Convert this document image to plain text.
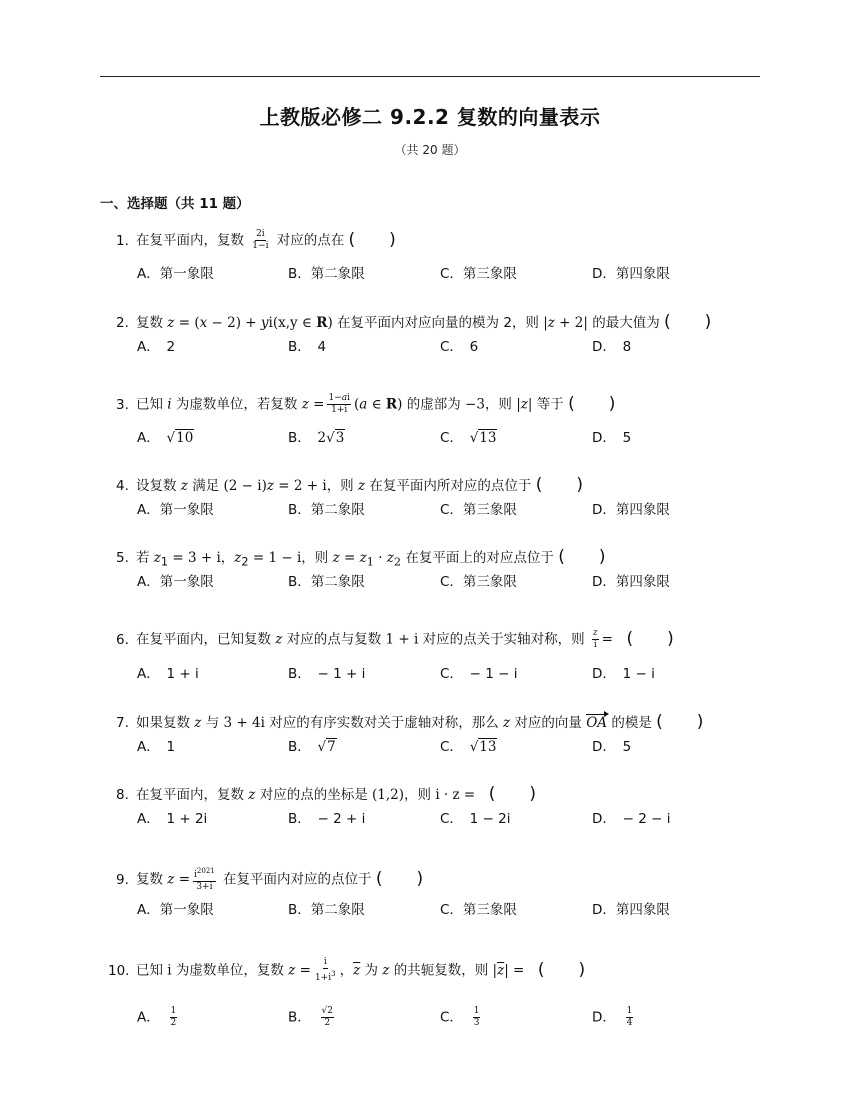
上教版必修二 9.2.2 复数的向量表示
（共 20 题）
一、选择题（共 11 题）
1. 在复平面内，复数 $\frac{2i}{1-i}$ 对应的点在 (　　)
A．第一象限	B．第二象限	C．第三象限	D．第四象限
2. 复数 z = (x − 2) + yi(x,y ∈ R) 在复平面内对应向量的模为 2，则 |z + 2| 的最大值为 (　　)
A．　2	B．　4	C．　6	D．　8
3. 已知 i 为虚数单位，若复数 $z = \frac{1-ai}{1+i} (a$ ∈ R) 的虚部为 −3，则 |z| 等于 (　　)
A．　 √10	B．　 2√3	C．　 √13	D．　5
4. 设复数 z 满足 (2 − i)z = 2 + i，则 z 在复平面内所对应的点位于 (　　)
A．第一象限	B．第二象限	C．第三象限	D．第四象限
5. 若 $z_1 = 3 + i$，$z_2 = 1 - i$，则 $z = z_1 \cdot z_2$ 在复平面上的对应点位于 (　　)
A．第一象限	B．第二象限	C．第三象限	D．第四象限
6. 在复平面内，已知复数 z 对应的点与复数 1 + i 对应的点关于实轴对称，则 $\frac{z}{i}$ =　 (　　)
A．　1 + i	B．　− 1 + i	C．　− 1 − i	D．　1 − i
7. 如果复数 z 与 3 + 4i 对应的有序实数对关于虚轴对称，那么 z 对应的向量 OA 的模是 (　　)
A．　1	B．　 √7	C．　 √13	D．　5
8. 在复平面内，复数 z 对应的点的坐标是 (1,2)，则 i · z =　 (　　)
A．　1 + 2i	B．　− 2 + i	C．　1 − 2i	D．　− 2 − i
9. 复数 $z = \frac{i^{2021}}{3+i}$ 在复平面内对应的点位于 (　　)
A．第一象限	B．第二象限	C．第三象限	D．第四象限
10. 已知 i 为虚数单位，复数 $z = \frac{i}{1+i^3}$ ，$\overline{z}$ 为 z 的共轭复数，则 $|\overline{z}|$ =　 (　　)
A．　 $\frac{1}{2}$	B．　 $\frac{√2}{2}$	C．　 $\frac{1}{3}$	D．　 $\frac{1}{4}$
